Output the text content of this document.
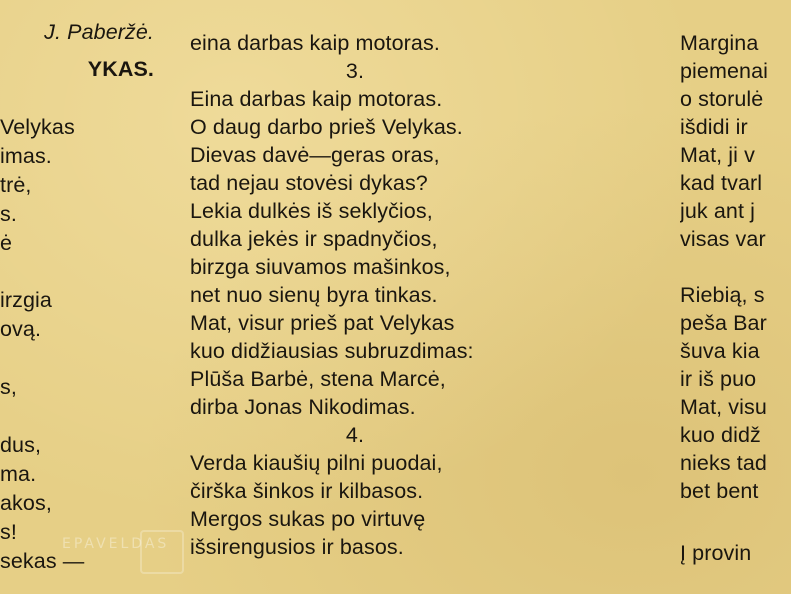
J. Paberžė.
YKAS.
Velykas
imas.
trė,
s.
ė
irzgia
ovą.
s,
dus,
ma.
akos,
s!
sekas —
eina darbas kaip motoras.
3.
Eina darbas kaip motoras.
O daug darbo prieš Velykas.
Dievas davė—geras oras,
tad nejau stovėsi dykas?
Lekia dulkės iš seklyčios,
dulka jekės ir spadnyčios,
birzga siuvamos mašinkos,
net nuo sienų byra tinkas.
Mat, visur prieš pat Velykas
kuo didžiausias subruzdimas:
Plūša Barbė, stena Marcė,
dirba Jonas Nikodimas.
4.
Verda kiaušių pilni puodai,
čirška šinkos ir kilbasos.
Mergos sukas po virtuvę
išsirengusios ir basos.
Margina
piemenai
o storulė
išdidi ir
Mat, ji v
kad tvarl
juk ant j
visas var
Riebią, s
peša Bar
šuva kia
ir iš puo
Mat, visu
kuo didž
nieks tad
bet bent
Į provin
EPAVELDAS
